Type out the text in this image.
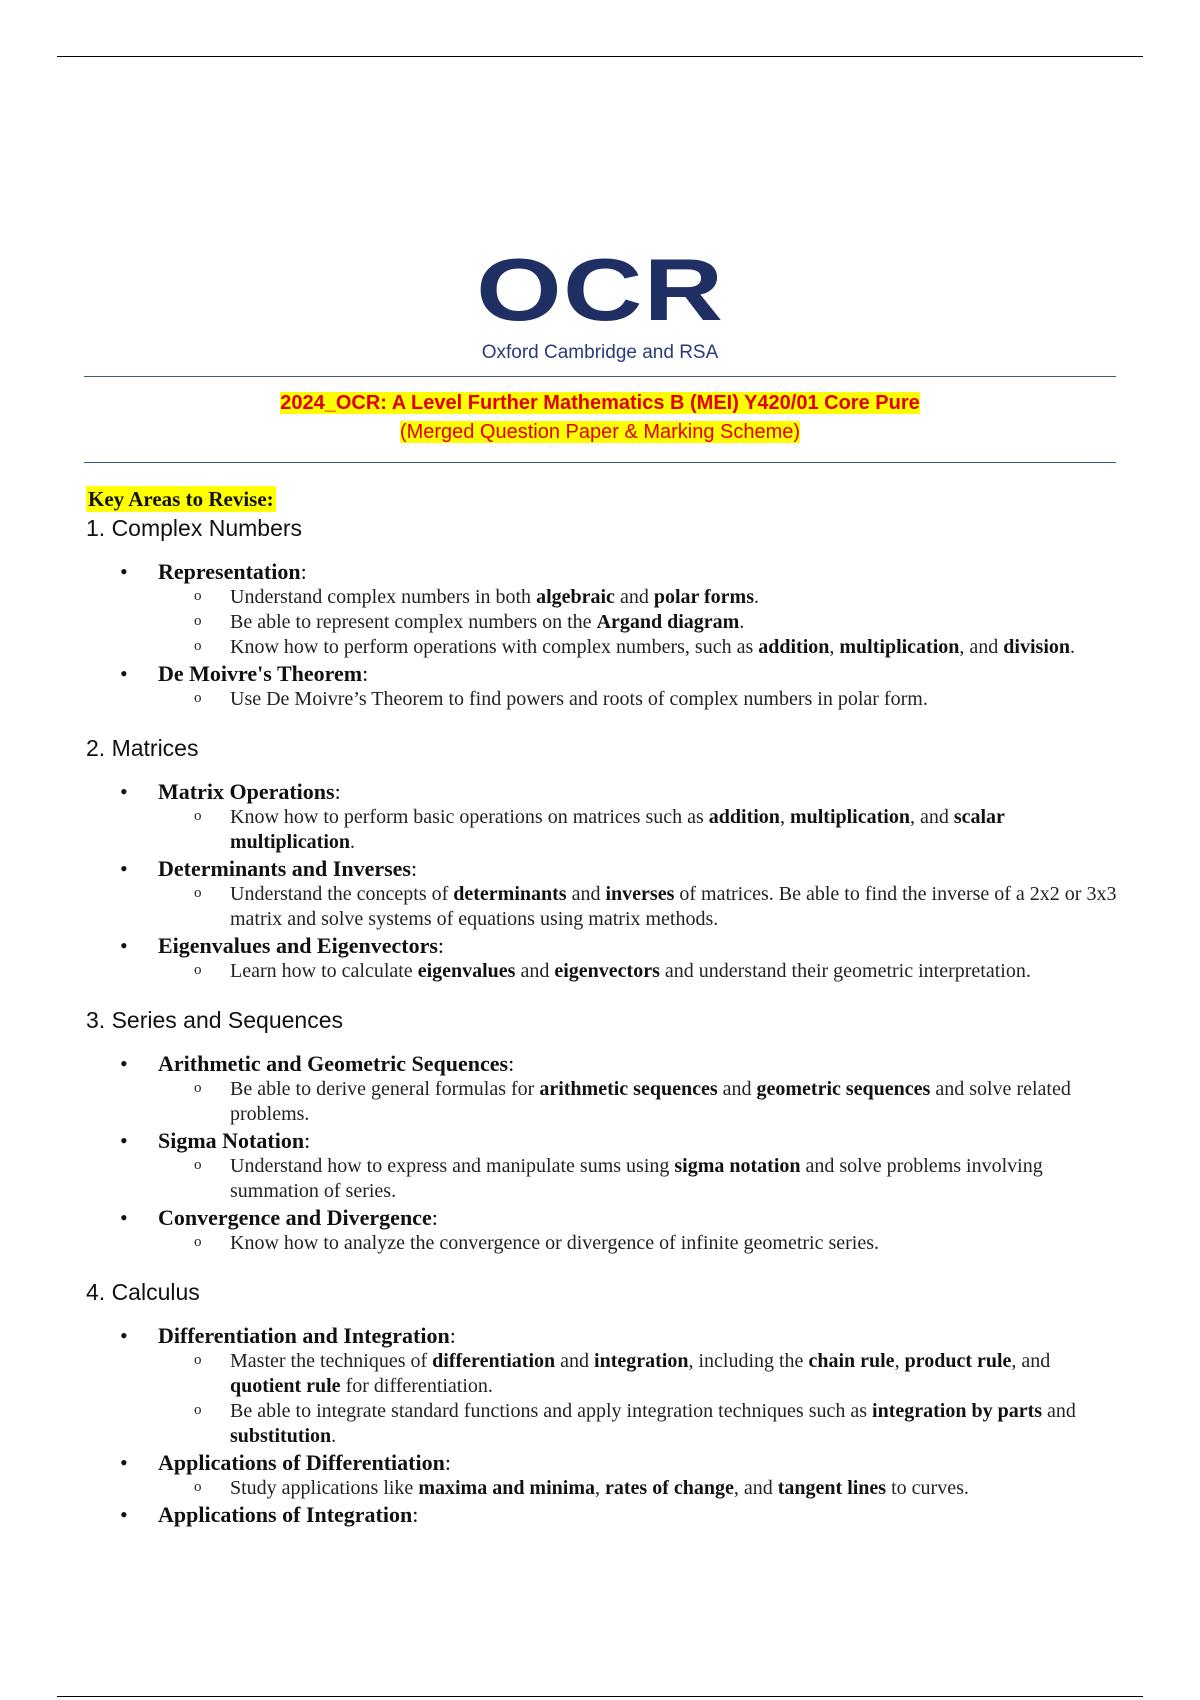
OCR
Oxford Cambridge and RSA
2024_OCR: A Level Further Mathematics B (MEI) Y420/01 Core Pure
(Merged Question Paper & Marking Scheme)
Key Areas to Revise:
1. Complex Numbers
• Representation:
o Understand complex numbers in both algebraic and polar forms.
o Be able to represent complex numbers on the Argand diagram.
o Know how to perform operations with complex numbers, such as addition, multiplication, and division.
• De Moivre's Theorem:
o Use De Moivre’s Theorem to find powers and roots of complex numbers in polar form.
2. Matrices
• Matrix Operations:
o Know how to perform basic operations on matrices such as addition, multiplication, and scalar multiplication.
• Determinants and Inverses:
o Understand the concepts of determinants and inverses of matrices. Be able to find the inverse of a 2x2 or 3x3 matrix and solve systems of equations using matrix methods.
• Eigenvalues and Eigenvectors:
o Learn how to calculate eigenvalues and eigenvectors and understand their geometric interpretation.
3. Series and Sequences
• Arithmetic and Geometric Sequences:
o Be able to derive general formulas for arithmetic sequences and geometric sequences and solve related problems.
• Sigma Notation:
o Understand how to express and manipulate sums using sigma notation and solve problems involving summation of series.
• Convergence and Divergence:
o Know how to analyze the convergence or divergence of infinite geometric series.
4. Calculus
• Differentiation and Integration:
o Master the techniques of differentiation and integration, including the chain rule, product rule, and quotient rule for differentiation.
o Be able to integrate standard functions and apply integration techniques such as integration by parts and substitution.
• Applications of Differentiation:
o Study applications like maxima and minima, rates of change, and tangent lines to curves.
• Applications of Integration:
